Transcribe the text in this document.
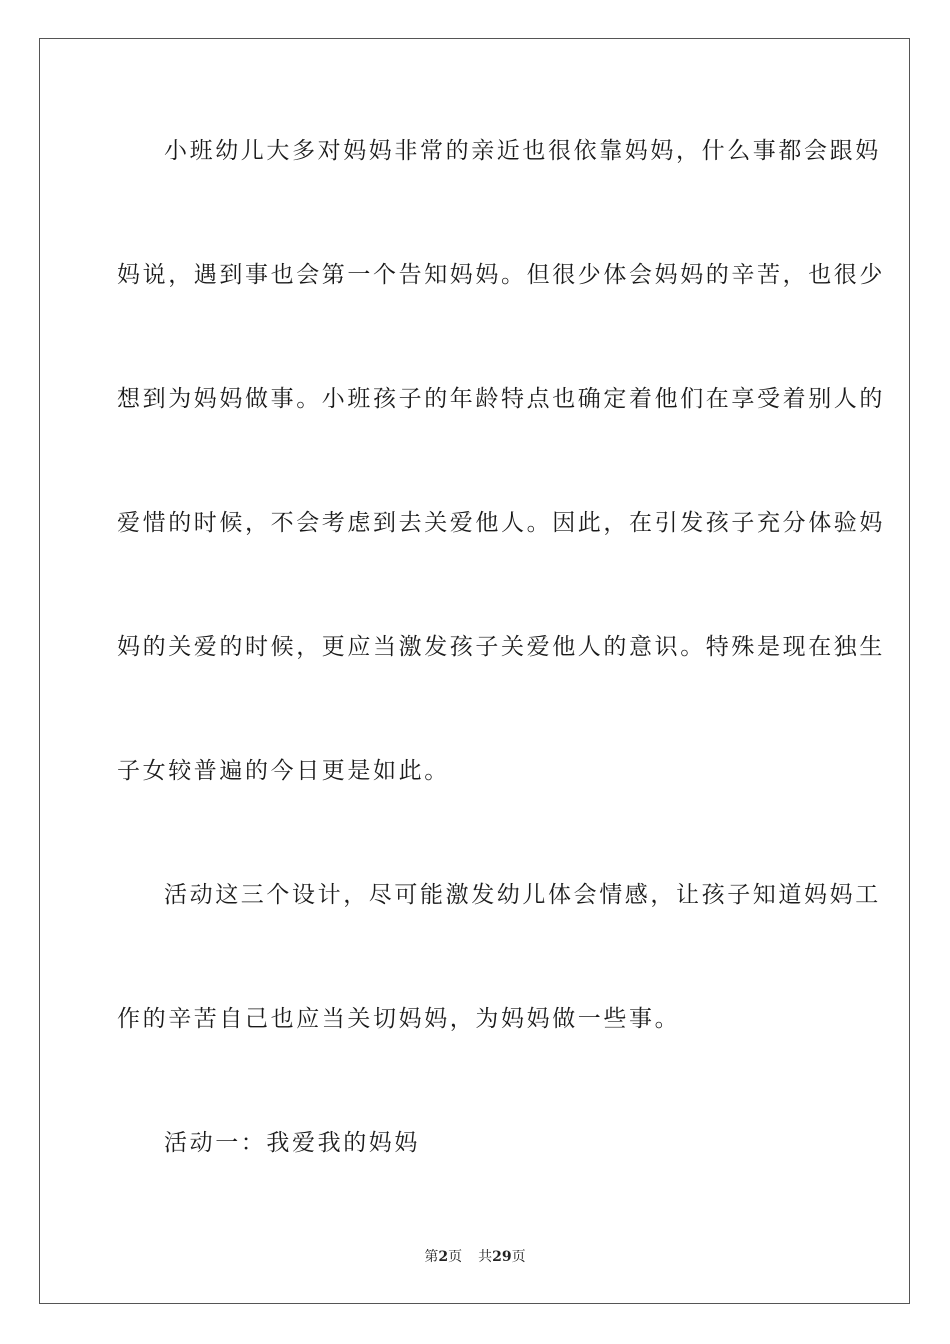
小班幼儿大多对妈妈非常的亲近也很依靠妈妈，什么事都会跟妈
妈说，遇到事也会第一个告知妈妈。但很少体会妈妈的辛苦，也很少
想到为妈妈做事。小班孩子的年龄特点也确定着他们在享受着别人的
爱惜的时候，不会考虑到去关爱他人。因此，在引发孩子充分体验妈
妈的关爱的时候，更应当激发孩子关爱他人的意识。特殊是现在独生
子女较普遍的今日更是如此。
活动这三个设计，尽可能激发幼儿体会情感，让孩子知道妈妈工
作的辛苦自己也应当关切妈妈，为妈妈做一些事。
活动一：我爱我的妈妈
第2页 共29页
